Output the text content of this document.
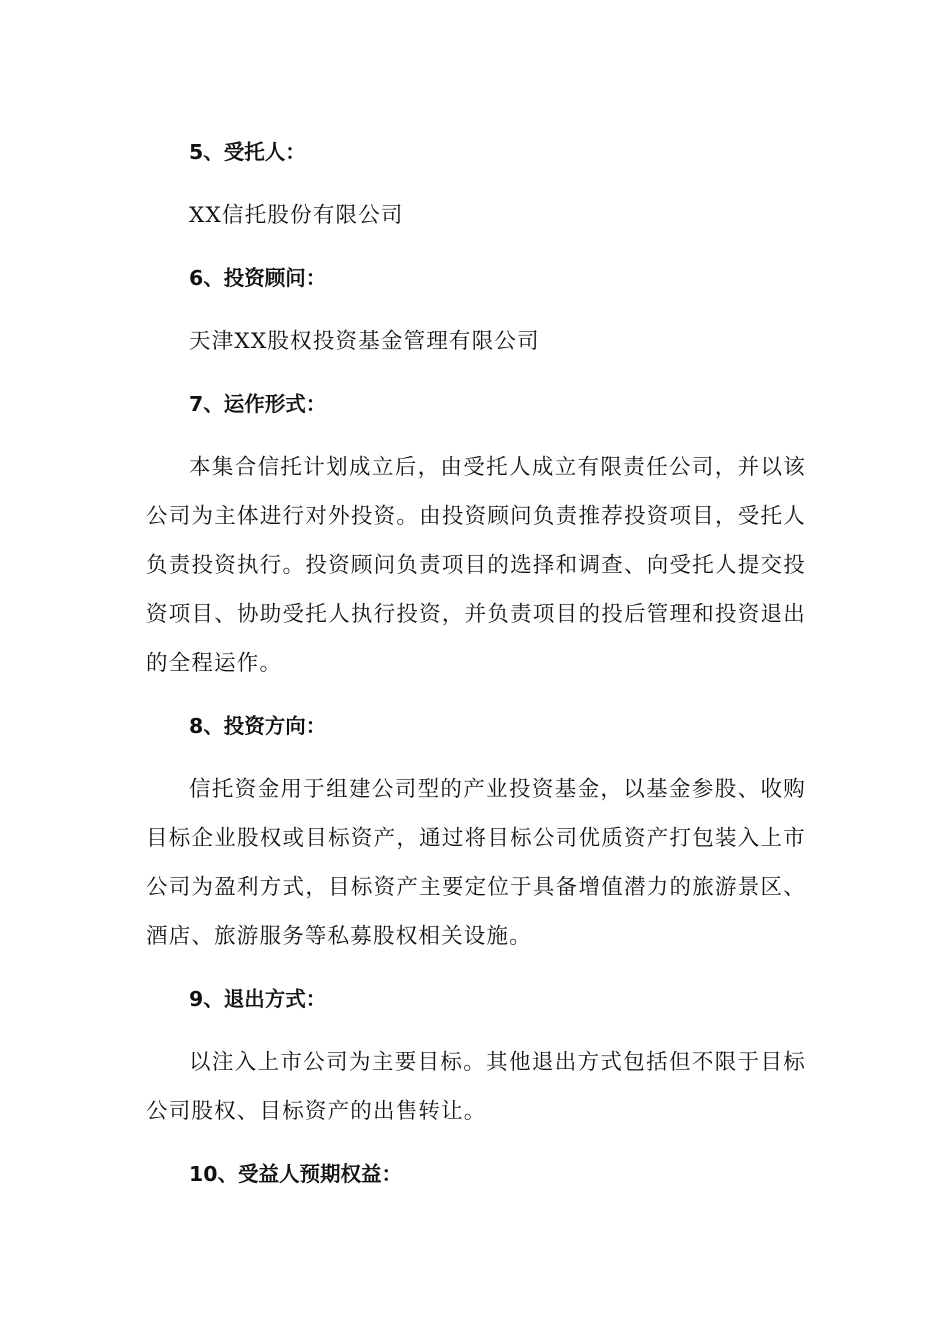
5、受托人：

XX信托股份有限公司

6、投资顾问：

天津XX股权投资基金管理有限公司

7、运作形式：

本集合信托计划成立后，由受托人成立有限责任公司，并以该公司为主体进行对外投资。由投资顾问负责推荐投资项目，受托人负责投资执行。投资顾问负责项目的选择和调查、向受托人提交投资项目、协助受托人执行投资，并负责项目的投后管理和投资退出的全程运作。

8、投资方向：

信托资金用于组建公司型的产业投资基金，以基金参股、收购目标企业股权或目标资产，通过将目标公司优质资产打包装入上市公司为盈利方式，目标资产主要定位于具备增值潜力的旅游景区、酒店、旅游服务等私募股权相关设施。

9、退出方式：

以注入上市公司为主要目标。其他退出方式包括但不限于目标公司股权、目标资产的出售转让。

10、受益人预期权益：
